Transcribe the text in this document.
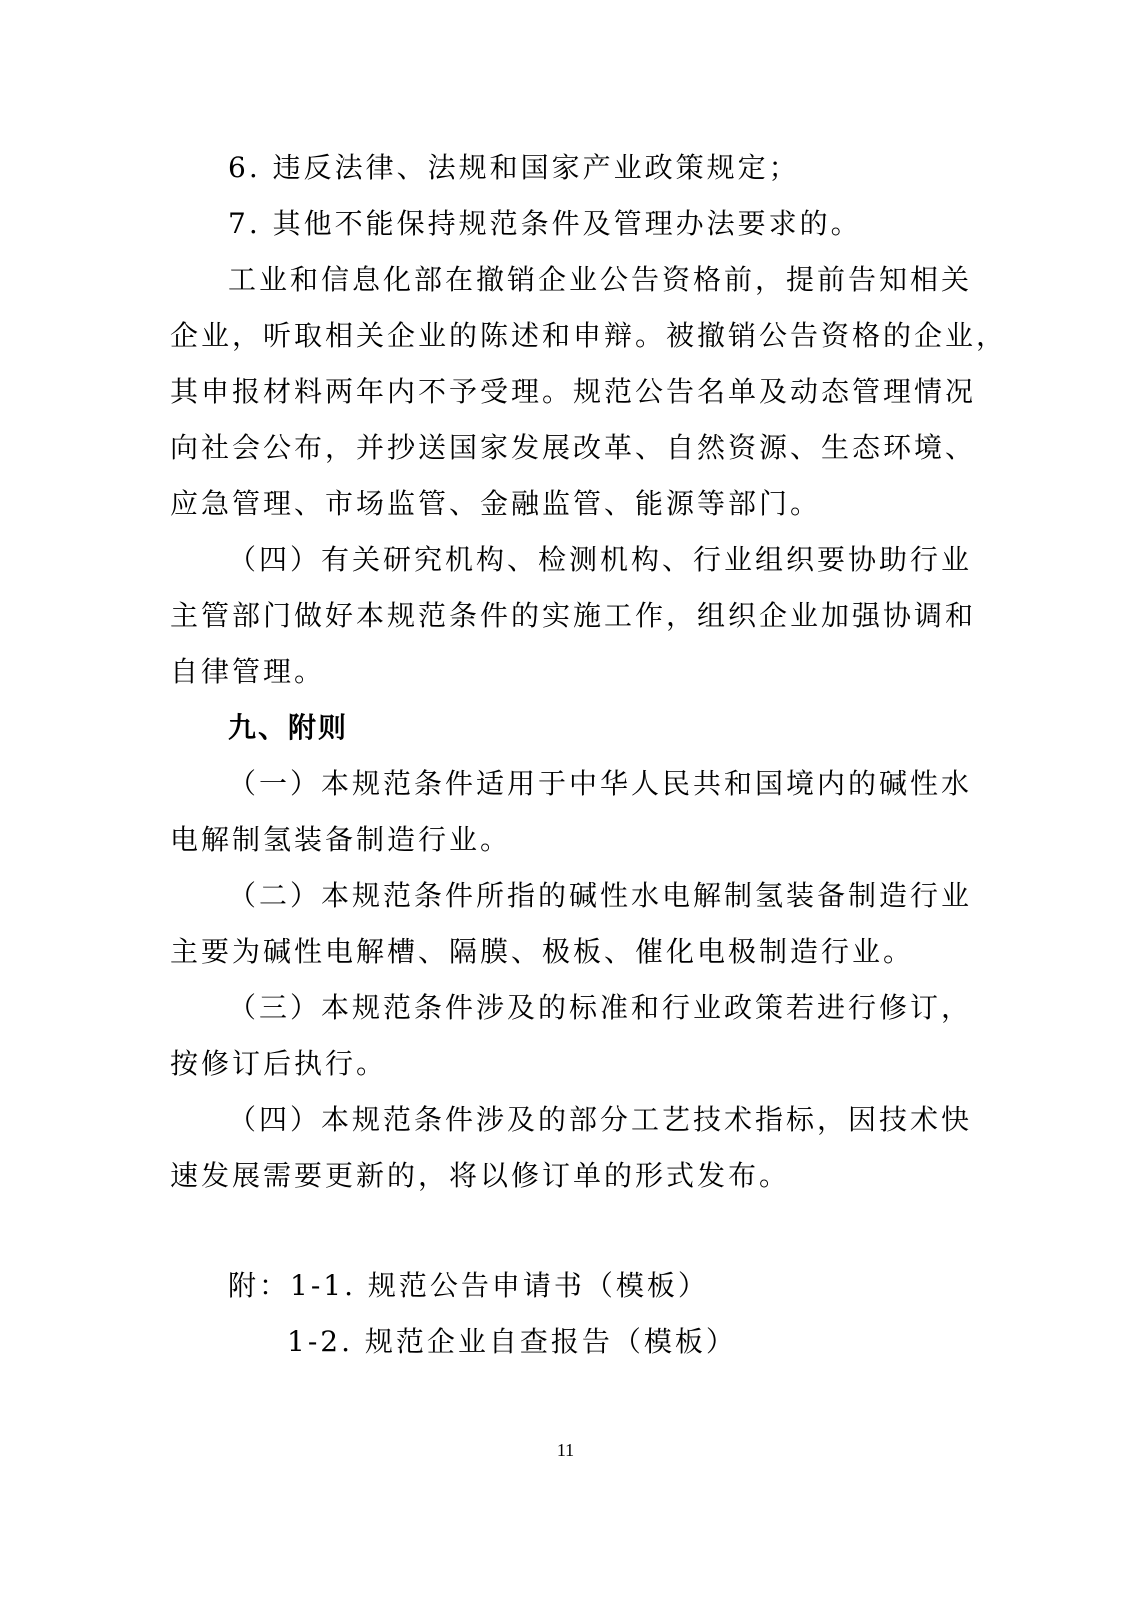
6. 违反法律、法规和国家产业政策规定；

7. 其他不能保持规范条件及管理办法要求的。

工业和信息化部在撤销企业公告资格前，提前告知相关

企业，听取相关企业的陈述和申辩。被撤销公告资格的企业，

其申报材料两年内不予受理。规范公告名单及动态管理情况

向社会公布，并抄送国家发展改革、自然资源、生态环境、

应急管理、市场监管、金融监管、能源等部门。

（四）有关研究机构、检测机构、行业组织要协助行业

主管部门做好本规范条件的实施工作，组织企业加强协调和

自律管理。

九、附则

（一）本规范条件适用于中华人民共和国境内的碱性水

电解制氢装备制造行业。

（二）本规范条件所指的碱性水电解制氢装备制造行业

主要为碱性电解槽、隔膜、极板、催化电极制造行业。

（三）本规范条件涉及的标准和行业政策若进行修订，

按修订后执行。

（四）本规范条件涉及的部分工艺技术指标，因技术快

速发展需要更新的，将以修订单的形式发布。

附：1-1. 规范公告申请书（模板）

1-2. 规范企业自查报告（模板）

11
